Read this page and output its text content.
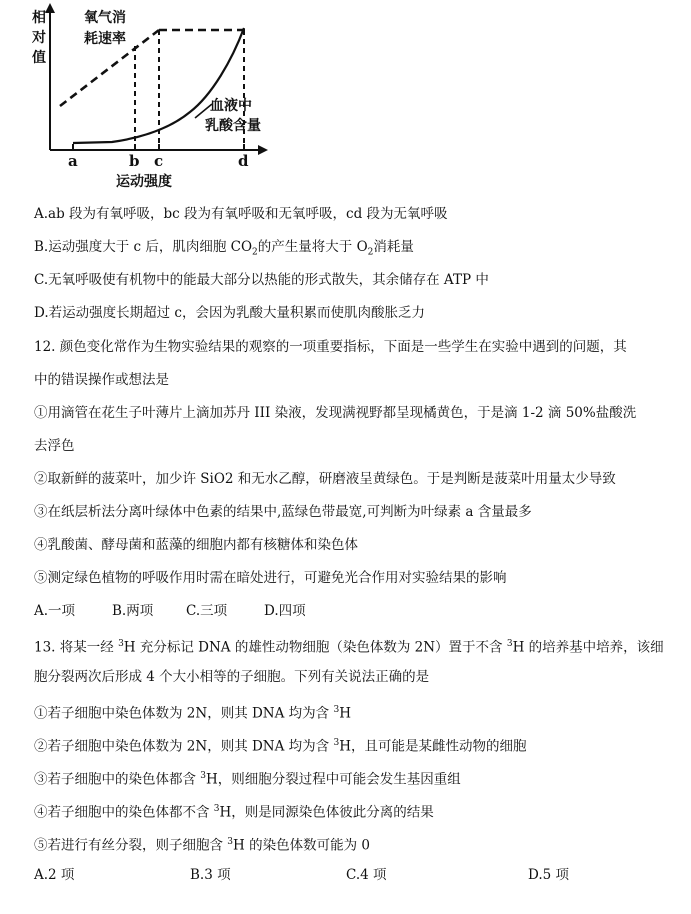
相对值
氧气消
耗速率
血液中
乳酸含量
a	b c	d
运动强度
A.ab 段为有氧呼吸，bc 段为有氧呼吸和无氧呼吸，cd 段为无氧呼吸
B.运动强度大于 c 后，肌肉细胞 $CO_2$的产生量将大于 $O_2$消耗量
C.无氧呼吸使有机物中的能最大部分以热能的形式散失，其余储存在 ATP 中
D.若运动强度长期超过 c，会因为乳酸大量积累而使肌肉酸胀乏力
12. 颜色变化常作为生物实验结果的观察的一项重要指标，下面是一些学生在实验中遇到的问题，其
中的错误操作或想法是
①用滴管在花生子叶薄片上滴加苏丹 III 染液，发现满视野都呈现橘黄色，于是滴 1-2 滴 50%盐酸洗
去浮色
②取新鲜的菠菜叶，加少许 SiO2 和无水乙醇，研磨液呈黄绿色。于是判断是菠菜叶用量太少导致
③在纸层析法分离叶绿体中色素的结果中,蓝绿色带最宽,可判断为叶绿素 a 含量最多
④乳酸菌、酵母菌和蓝藻的细胞内都有核糖体和染色体
⑤测定绿色植物的呼吸作用时需在暗处进行，可避免光合作用对实验结果的影响
A.一项	B.两项 C.三项	D.四项
13. 将某一经 $^3$H 充分标记 DNA 的雄性动物细胞（染色体数为 2N）置于不含 $^3$H 的培养基中培养，该细
胞分裂两次后形成 4 个大小相等的子细胞。下列有关说法正确的是
①若子细胞中染色体数为 2N，则其 DNA 均为含 $^3$H
②若子细胞中染色体数为 2N，则其 DNA 均为含 $^3$H，且可能是某雌性动物的细胞
③若子细胞中的染色体都含 $^3$H，则细胞分裂过程中可能会发生基因重组
④若子细胞中的染色体都不含 $^3$H，则是同源染色体彼此分离的结果
⑤若进行有丝分裂，则子细胞含 $^3$H 的染色体数可能为 0
A.2 项	B.3 项	C.4 项	D.5 项
